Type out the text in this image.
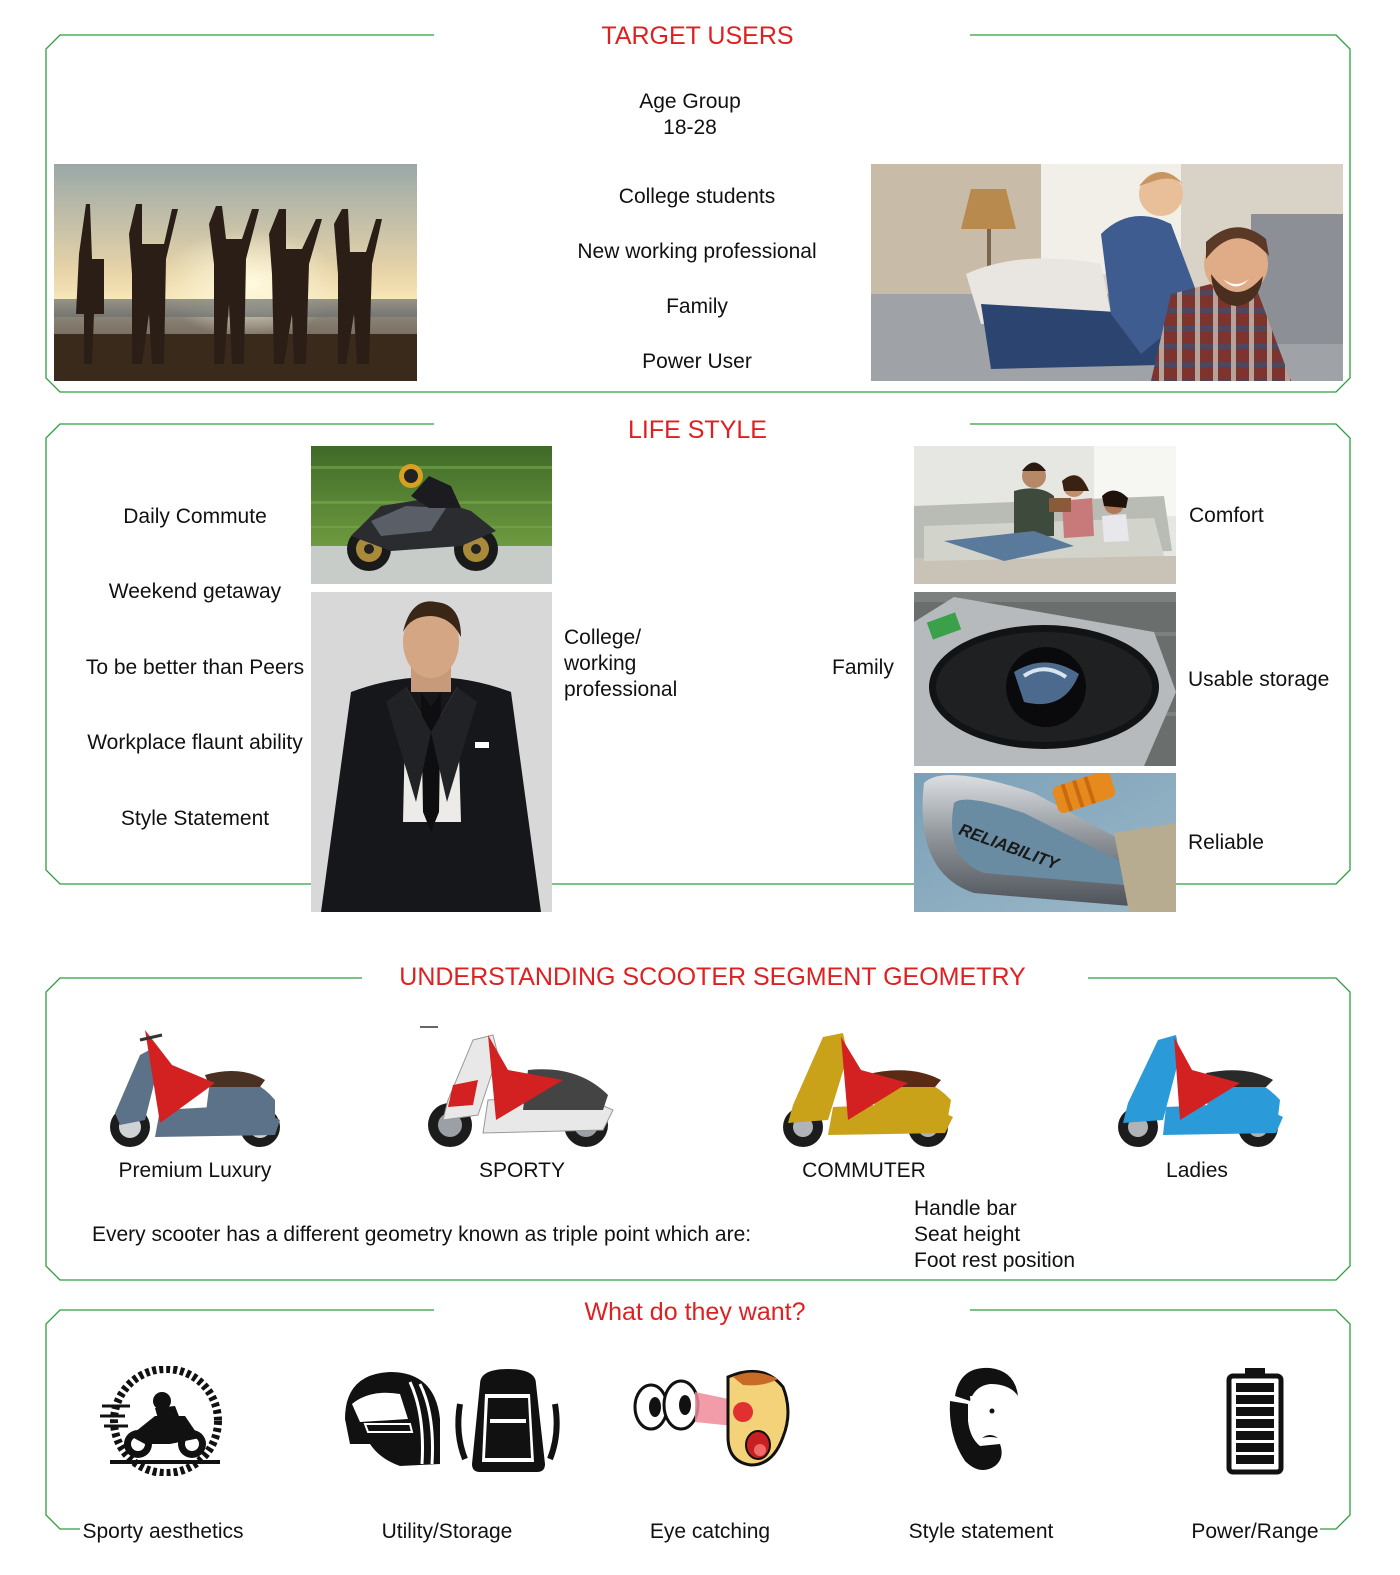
TARGET USERS
Age Group
18-28
College students
New working professional
Family
Power User
LIFE STYLE
Daily Commute
Weekend getaway
To be better than Peers
Workplace flaunt ability
Style Statement
College/
working
professional
Family
RELIABILITY
Comfort
Usable storage
Reliable
UNDERSTANDING SCOOTER SEGMENT GEOMETRY
Premium Luxury	SPORTY	COMMUTER	Ladies
Every scooter has a different geometry known as triple point which are:
Handle bar
Seat height
Foot rest position
What do they want?
Sporty aesthetics	Utility/Storage	Eye catching	Style statement	Power/Range
